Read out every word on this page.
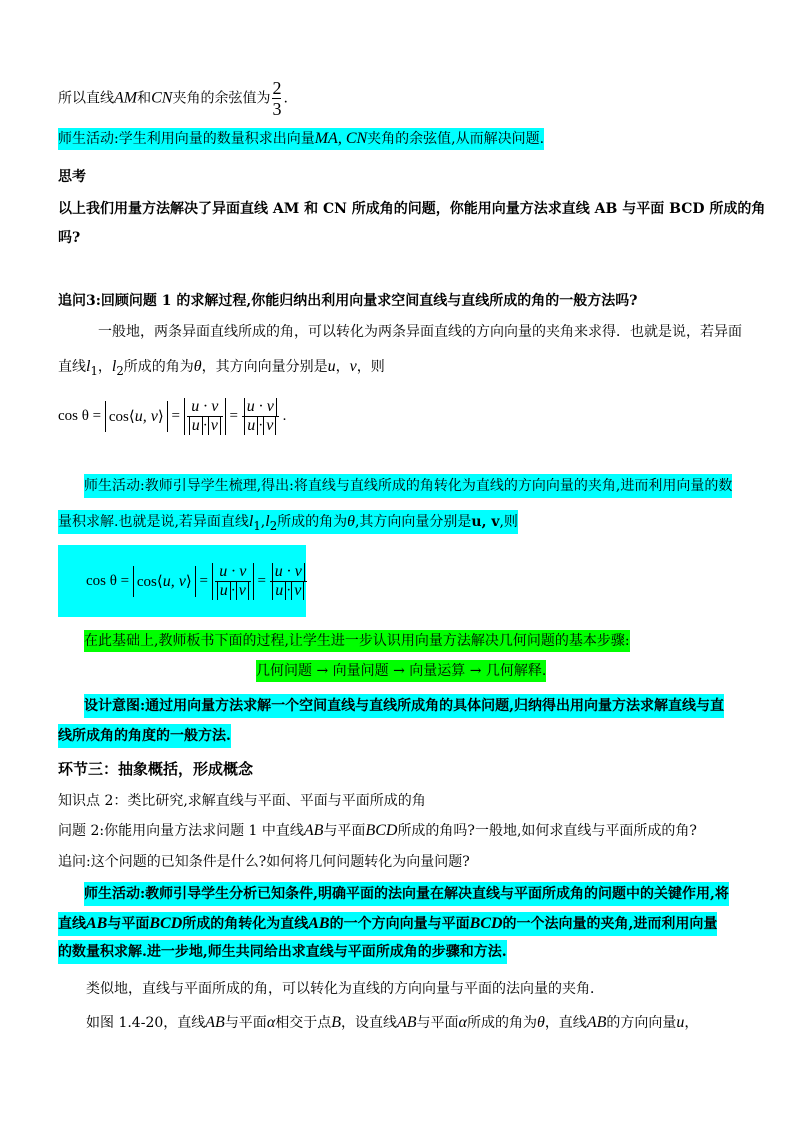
所以直线AM和CN夹角的余弦值为 $\frac{2}{3}$ .
师生活动:学生利用向量的数量积求出向量MA, CN夹角的余弦值,从而解决问题.
思考
以上我们用量方法解决了异面直线 AM 和 CN 所成角的问题，你能用向量方法求直线 AB 与平面 BCD 所成的角
吗?
追问3:回顾问题 1 的求解过程,你能归纳出利用向量求空间直线与直线所成的角的一般方法吗?
一般地，两条异面直线所成的角，可以转化为两条异面直线的方向向量的夹角来求得．也就是说，若异面
直线$l_1$，$l_2$所成的角为θ，其方向向量分别是u，v，则
cos θ = cos⟨u, v⟩ = $\frac{u \cdot v}{u \cdot v} = \frac{u \cdot v}{u \cdot v}$ .
师生活动:教师引导学生梳理,得出:将直线与直线所成的角转化为直线的方向向量的夹角,进而利用向量的数
量积求解.也就是说,若异面直线$l_1,l_2$所成的角为θ,其方向向量分别是u, v,则
cos θ = cos⟨u, v⟩ = $\frac{u \cdot v}{u \cdot v} = \frac{u \cdot v}{u \cdot v}$
在此基础上,教师板书下面的过程,让学生进一步认识用向量方法解决几何问题的基本步骤:
几何问题 → 向量问题 → 向量运算 → 几何解释.
设计意图:通过用向量方法求解一个空间直线与直线所成角的具体问题,归纳得出用向量方法求解直线与直
线所成角的角度的一般方法.
环节三：抽象概括，形成概念
知识点 2：类比研究,求解直线与平面、平面与平面所成的角
问题 2:你能用向量方法求问题 1 中直线AB与平面BCD所成的角吗?一般地,如何求直线与平面所成的角?
追问:这个问题的已知条件是什么?如何将几何问题转化为向量问题?
师生活动:教师引导学生分析已知条件,明确平面的法向量在解决直线与平面所成角的问题中的关键作用,将
直线AB与平面BCD所成的角转化为直线AB的一个方向向量与平面BCD的一个法向量的夹角,进而利用向量
的数量积求解.进一步地,师生共同给出求直线与平面所成角的步骤和方法.
类似地，直线与平面所成的角，可以转化为直线的方向向量与平面的法向量的夹角．
如图 1.4-20，直线AB与平面α相交于点B，设直线AB与平面α所成的角为θ，直线AB的方向向量u，
